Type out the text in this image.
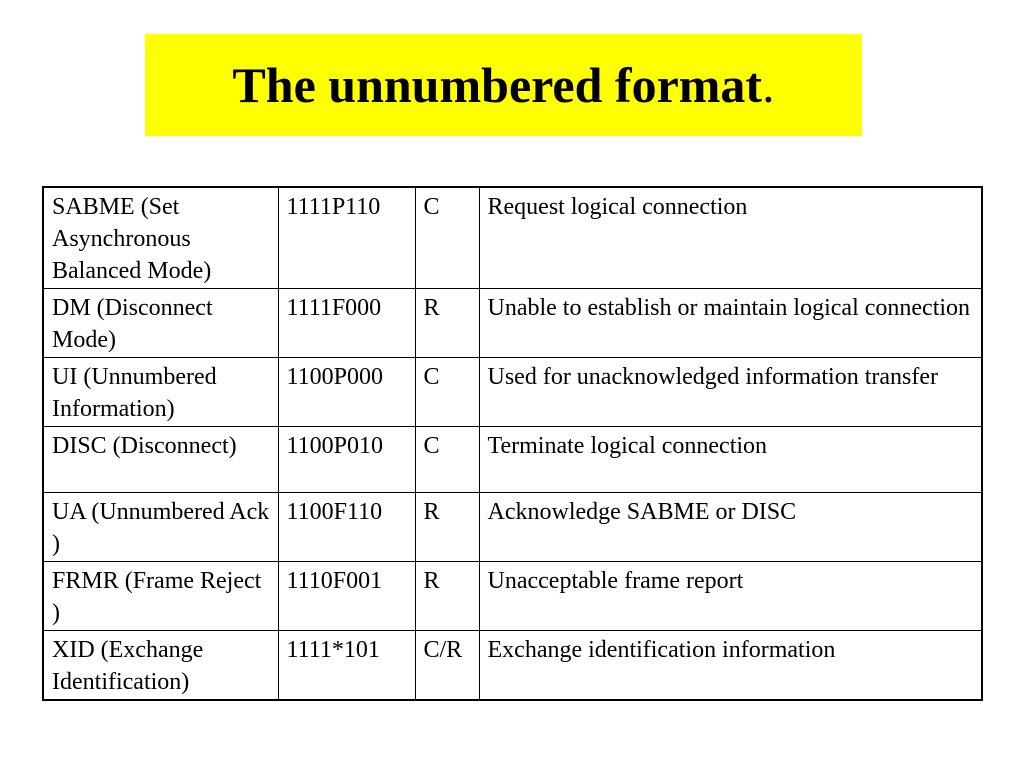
The unnumbered format.
SABME (Set Asynchronous Balanced Mode)	1111P110	C	Request logical connection
DM (Disconnect Mode)	1111F000	R	Unable to establish or maintain logical connection
UI (Unnumbered Information)	1100P000	C	Used for unacknowledged information transfer
DISC (Disconnect)	1100P010	C	Terminate logical connection
UA (Unnumbered Ack )	1100F110	R	Acknowledge SABME or DISC
FRMR (Frame Reject )	1110F001	R	Unacceptable frame report
XID (Exchange Identification)	1111*101	C/R	Exchange identification information
